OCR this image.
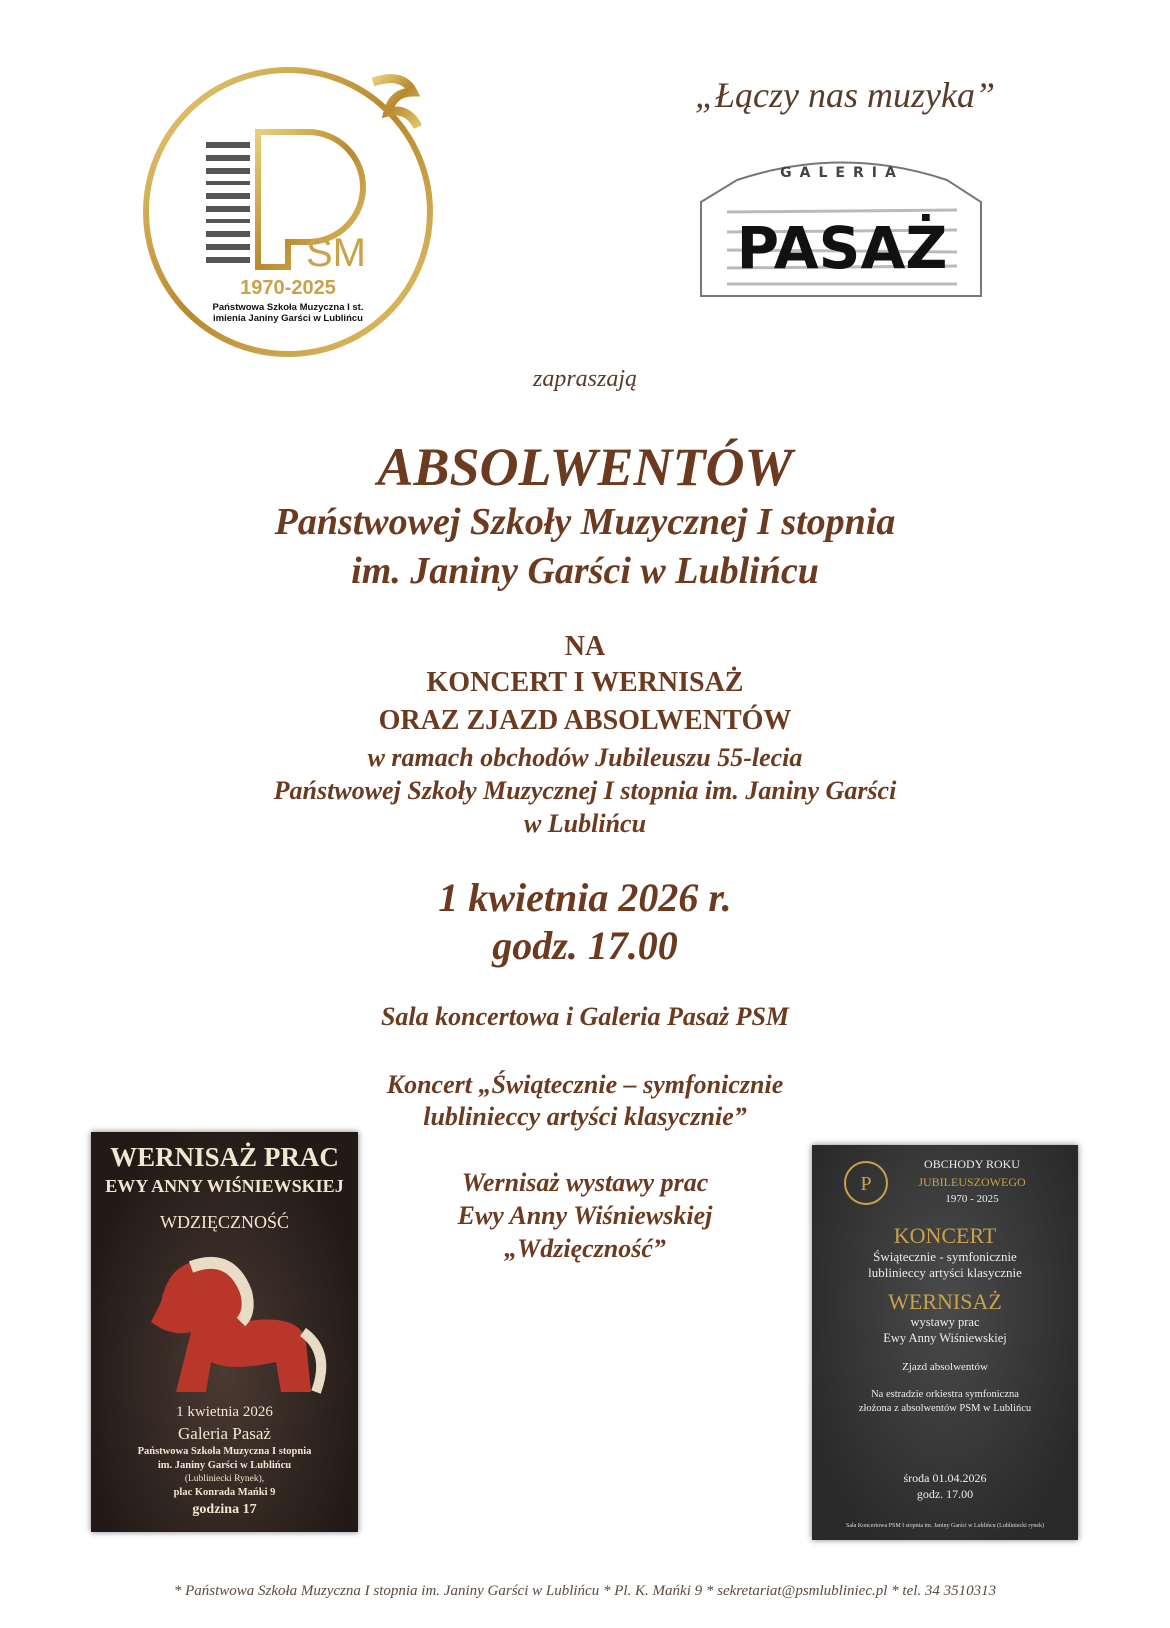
SM
1970-2025
Państwowa Szkoła Muzyczna I st.
imienia Janiny Garści w Lublińcu
„Łączy nas muzyka”
GALERIA
PASAŻ
zapraszają
ABSOLWENTÓW
Państwowej Szkoły Muzycznej I stopnia
im. Janiny Garści w Lublińcu
NA
KONCERT I WERNISAŻ
ORAZ ZJAZD ABSOLWENTÓW
w ramach obchodów Jubileuszu 55-lecia
Państwowej Szkoły Muzycznej I stopnia im. Janiny Garści
w Lublińcu
1 kwietnia 2026 r.
godz. 17.00
Sala koncertowa i Galeria Pasaż PSM
Koncert „Świątecznie – symfonicznie
lubliniеccy artyści klasycznie”
Wernisaż wystawy prac
Ewy Anny Wiśniewskiej
„Wdzięczność”
WERNISAŻ PRAC
EWY ANNY WIŚNIEWSKIEJ
WDZIĘCZNOŚĆ
1 kwietnia 2026
Galeria Pasaż
Państwowa Szkoła Muzyczna I stopnia
im. Janiny Garści w Lublińcu
(Lubliniecki Rynek),
plac Konrada Mańki 9
godzina 17
P
OBCHODY ROKU
JUBILEUSZOWEGO
1970 - 2025
KONCERT
Świątecznie - symfonicznie
lubliniеccy artyści klasycznie
WERNISAŻ
wystawy prac
Ewy Anny Wiśniewskiej
Zjazd absolwentów
Na estradzie orkiestra symfoniczna
złożona z absolwentów PSM w Lublińcu
środa 01.04.2026
godz. 17.00
Sala Koncertowa PSM I stopnia im. Janiny Garści w Lublińcu (Lubliniecki rynek)
* Państwowa Szkoła Muzyczna I stopnia im. Janiny Garści w Lublińcu * Pl. K. Mańki 9 * sekretariat@psmlubliniec.pl * tel. 34 3510313
